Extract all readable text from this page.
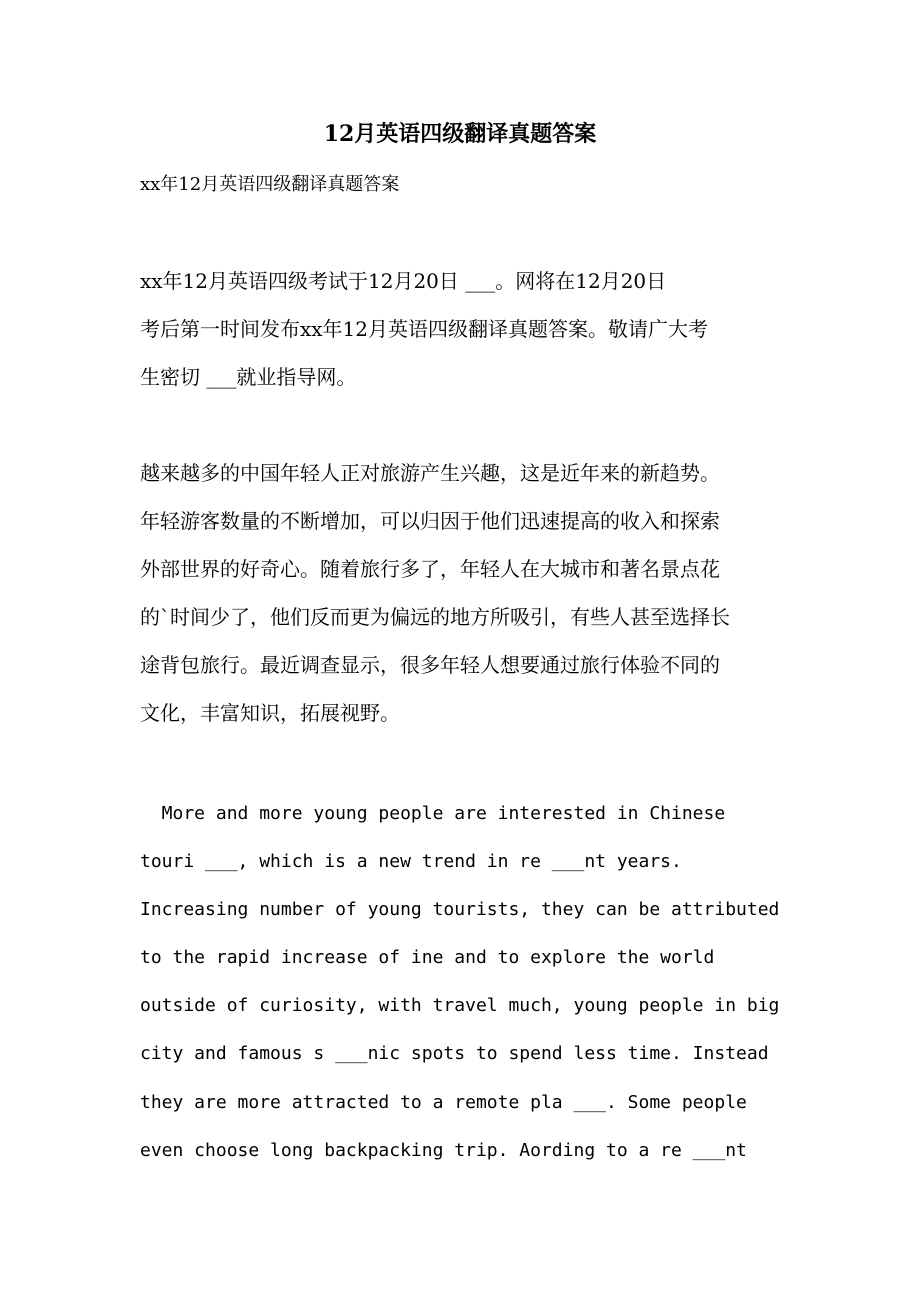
12月英语四级翻译真题答案

xx年12月英语四级翻译真题答案

xx年12月英语四级考试于12月20日 ___。网将在12月20日

考后第一时间发布xx年12月英语四级翻译真题答案。敬请广大考

生密切 ___就业指导网。

越来越多的中国年轻人正对旅游产生兴趣，这是近年来的新趋势。

年轻游客数量的不断增加，可以归因于他们迅速提高的收入和探索

外部世界的好奇心。随着旅行多了，年轻人在大城市和著名景点花

的`时间少了，他们反而更为偏远的地方所吸引，有些人甚至选择长

途背包旅行。最近调查显示，很多年轻人想要通过旅行体验不同的

文化，丰富知识，拓展视野。

More and more young people are interested in Chinese

touri ___, which is a new trend in re ___nt years.

Increasing number of young tourists, they can be attributed

to the rapid increase of ine and to explore the world

outside of curiosity, with travel much, young people in big

city and famous s ___nic spots to spend less time. Instead

they are more attracted to a remote pla ___. Some people

even choose long backpacking trip. Aording to a re ___nt
